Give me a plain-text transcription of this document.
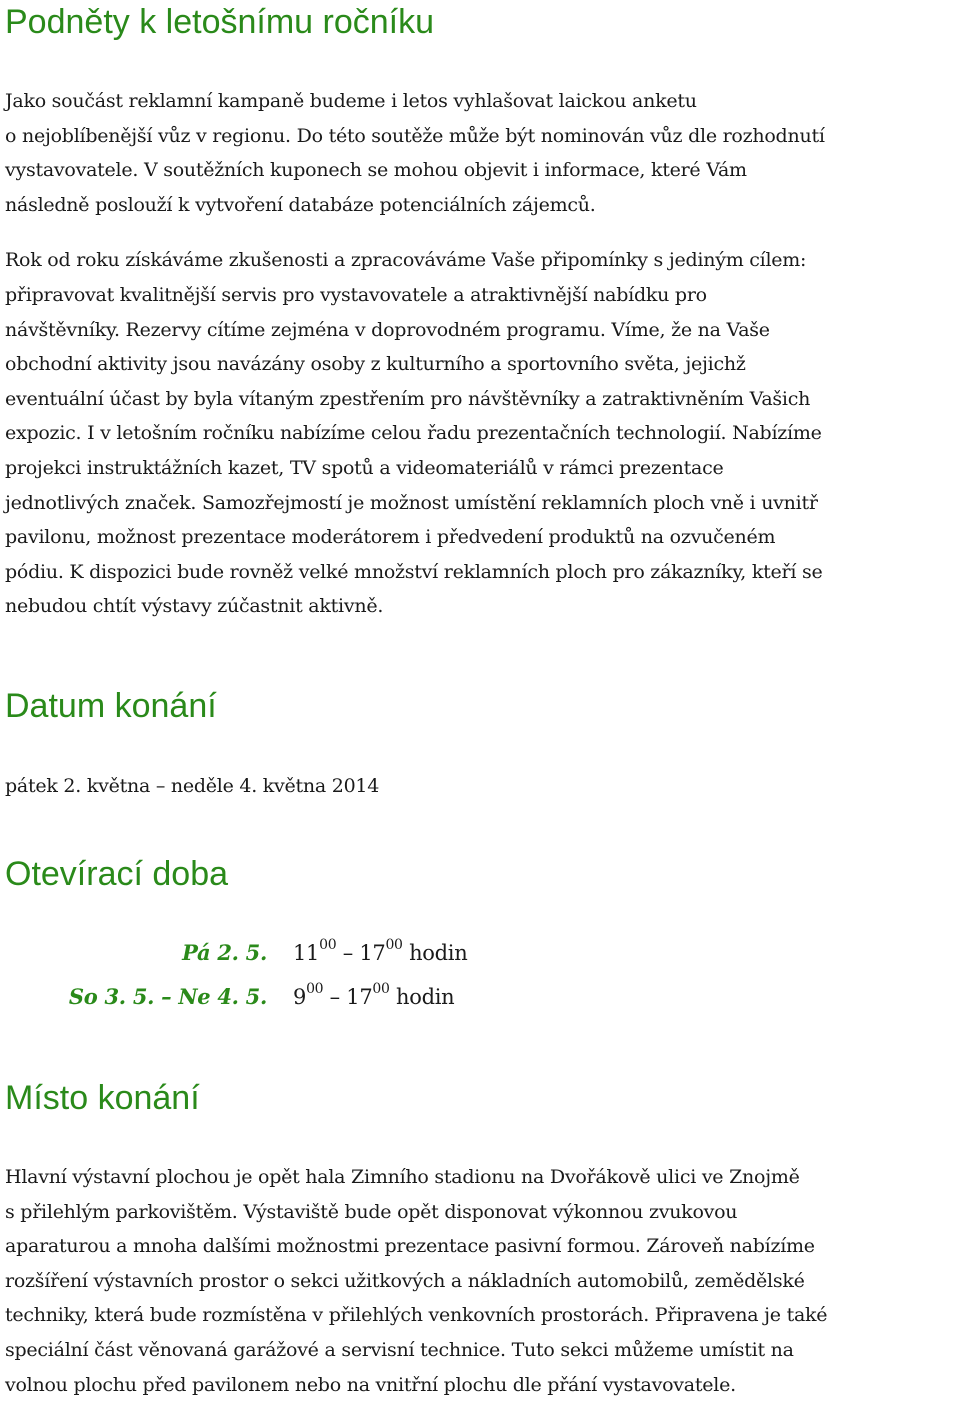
Podněty k letošnímu ročníku

Jako součást reklamní kampaně budeme i letos vyhlašovat laickou anketu
o nejoblíbenější vůz v regionu. Do této soutěže může být nominován vůz dle rozhodnutí
vystavovatele. V soutěžních kuponech se mohou objevit i informace, které Vám
následně poslouží k vytvoření databáze potenciálních zájemců.

Rok od roku získáváme zkušenosti a zpracováváme Vaše připomínky s jediným cílem:
připravovat kvalitnější servis pro vystavovatele a atraktivnější nabídku pro
návštěvníky. Rezervy cítíme zejména v doprovodném programu. Víme, že na Vaše
obchodní aktivity jsou navázány osoby z kulturního a sportovního světa, jejichž
eventuální účast by byla vítaným zpestřením pro návštěvníky a zatraktivněním Vašich
expozic. I v letošním ročníku nabízíme celou řadu prezentačních technologií. Nabízíme
projekci instruktážních kazet, TV spotů a videomateriálů v rámci prezentace
jednotlivých značek. Samozřejmostí je možnost umístění reklamních ploch vně i uvnitř
pavilonu, možnost prezentace moderátorem i předvedení produktů na ozvučeném
pódiu. K dispozici bude rovněž velké množství reklamních ploch pro zákazníky, kteří se
nebudou chtít výstavy zúčastnit aktivně.

Datum konání

pátek 2. května – neděle 4. května 2014

Otevírací doba
Pá 2. 5. $11^{00} - 17^{00}$ hodin
So 3. 5. – Ne 4. 5. $9^{00} - 17^{00}$ hodin
Místo konání

Hlavní výstavní plochou je opět hala Zimního stadionu na Dvořákově ulici ve Znojmě
s přilehlým parkovištěm. Výstaviště bude opět disponovat výkonnou zvukovou
aparaturou a mnoha dalšími možnostmi prezentace pasivní formou. Zároveň nabízíme
rozšíření výstavních prostor o sekci užitkových a nákladních automobilů, zemědělské
techniky, která bude rozmístěna v přilehlých venkovních prostorách. Připravena je také
speciální část věnovaná garážové a servisní technice. Tuto sekci můžeme umístit na
volnou plochu před pavilonem nebo na vnitřní plochu dle přání vystavovatele.
